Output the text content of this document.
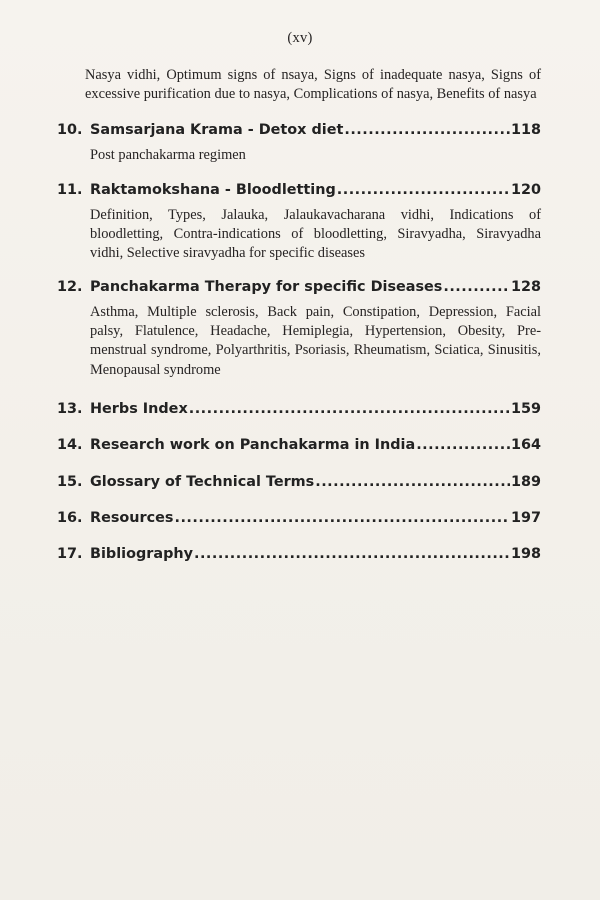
(xv)

Nasya vidhi, Optimum signs of nsaya, Signs of inadequate nasya, Signs of excessive purification due to nasya, Complications of nasya, Benefits of nasya

10. Samsarjana Krama - Detox diet .....	118

Post panchakarma regimen

11. Raktamokshana - Bloodletting .....	120

Definition, Types, Jalauka, Jalaukavacharana vidhi, Indications of bloodletting, Contra-indications of bloodletting, Siravyadha, Siravyadha vidhi, Selective siravyadha for specific diseases

12. Panchakarma Therapy for specific Diseases .....	128

Asthma, Multiple sclerosis, Back pain, Constipation, Depression, Facial palsy, Flatulence, Headache, Hemiplegia, Hypertension, Obesity, Pre-menstrual syndrome, Polyarthritis, Psoriasis, Rheumatism, Sciatica, Sinusitis, Menopausal syndrome

13. Herbs Index .....	159
14. Research work on Panchakarma in India .....	164
15. Glossary of Technical Terms .....	189
16. Resources .....	197
17. Bibliography .....	198
